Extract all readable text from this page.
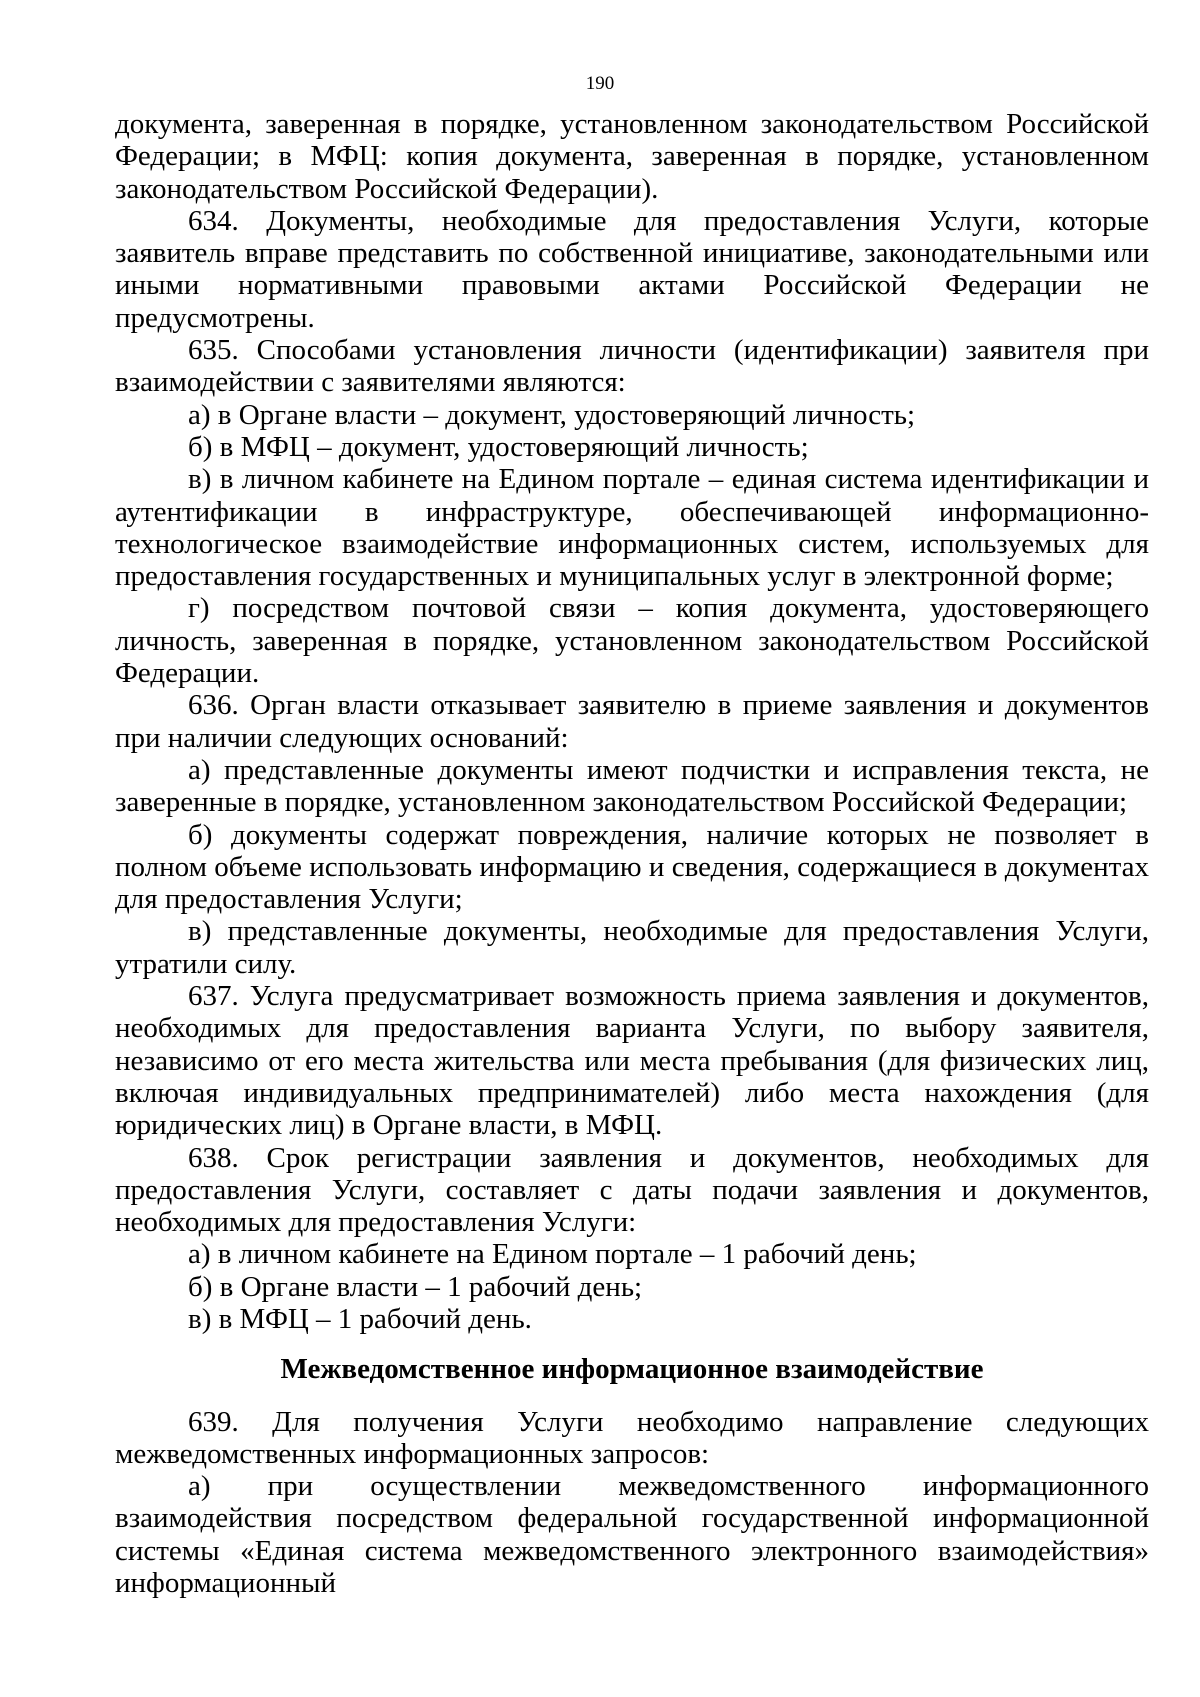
190

документа, заверенная в порядке, установленном законодательством Российской Федерации; в МФЦ: копия документа, заверенная в порядке, установленном законодательством Российской Федерации).

634. Документы, необходимые для предоставления Услуги, которые заявитель вправе представить по собственной инициативе, законодательными или иными нормативными правовыми актами Российской Федерации не предусмотрены.

635. Способами установления личности (идентификации) заявителя при взаимодействии с заявителями являются:

а) в Органе власти – документ, удостоверяющий личность;

б) в МФЦ – документ, удостоверяющий личность;

в) в личном кабинете на Едином портале – единая система идентификации и аутентификации в инфраструктуре, обеспечивающей информационно-технологическое взаимодействие информационных систем, используемых для предоставления государственных и муниципальных услуг в электронной форме;

г) посредством почтовой связи – копия документа, удостоверяющего личность, заверенная в порядке, установленном законодательством Российской Федерации.

636. Орган власти отказывает заявителю в приеме заявления и документов при наличии следующих оснований:

а) представленные документы имеют подчистки и исправления текста, не заверенные в порядке, установленном законодательством Российской Федерации;

б) документы содержат повреждения, наличие которых не позволяет в полном объеме использовать информацию и сведения, содержащиеся в документах для предоставления Услуги;

в) представленные документы, необходимые для предоставления Услуги, утратили силу.

637. Услуга предусматривает возможность приема заявления и документов, необходимых для предоставления варианта Услуги, по выбору заявителя, независимо от его места жительства или места пребывания (для физических лиц, включая индивидуальных предпринимателей) либо места нахождения (для юридических лиц) в Органе власти, в МФЦ.

638. Срок регистрации заявления и документов, необходимых для предоставления Услуги, составляет с даты подачи заявления и документов, необходимых для предоставления Услуги:

а) в личном кабинете на Едином портале – 1 рабочий день;

б) в Органе власти – 1 рабочий день;

в) в МФЦ – 1 рабочий день.

Межведомственное информационное взаимодействие

639. Для получения Услуги необходимо направление следующих межведомственных информационных запросов:

а) при осуществлении межведомственного информационного взаимодействия посредством федеральной государственной информационной системы «Единая система межведомственного электронного взаимодействия» информационный
